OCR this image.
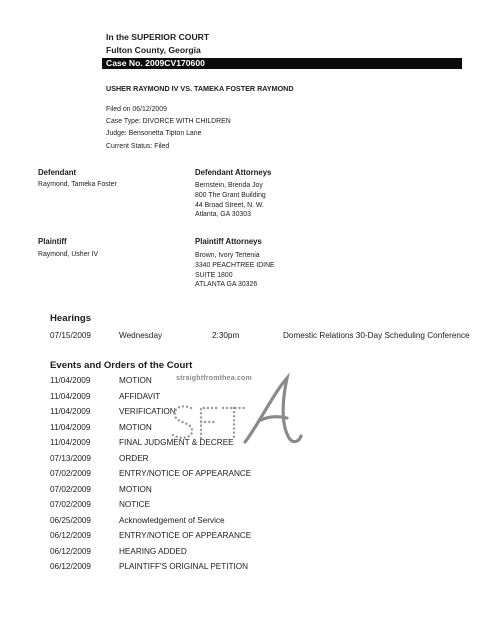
In the SUPERIOR COURT
Fulton County, Georgia
Case No. 2009CV170600
USHER RAYMOND IV VS. TAMEKA FOSTER RAYMOND
Filed on 06/12/2009
Case Type: DIVORCE WITH CHILDREN
Judge: Bensonetta Tipton Lane
Current Status: Filed
Defendant
Raymond, Tameka Foster
Defendant Attorneys
Bernstein, Brenda Joy
800 The Grant Building
44 Broad Street, N. W.
Atlanta, GA 30303
Plaintiff
Raymond, Usher IV
Plaintiff Attorneys
Brown, Ivory Tertenia
3340 PEACHTREE IDINE
SUITE 1800
ATLANTA GA 30326
Hearings
07/15/2009	Wednesday	2:30pm	Domestic Relations 30-Day Scheduling Conference
Events and Orders of the Court
11/04/2009	MOTION
11/04/2009	AFFIDAVIT
11/04/2009	VERIFICATION
11/04/2009	MOTION
11/04/2009	FINAL JUDGMENT & DECREE
07/13/2009	ORDER
07/02/2009	ENTRY/NOTICE OF APPEARANCE
07/02/2009	MOTION
07/02/2009	NOTICE
06/25/2009	Acknowledgement of Service
06/12/2009	ENTRY/NOTICE OF APPEARANCE
06/12/2009	HEARING ADDED
06/12/2009	PLAINTIFF'S ORIGINAL PETITION
straightfromthea.com
